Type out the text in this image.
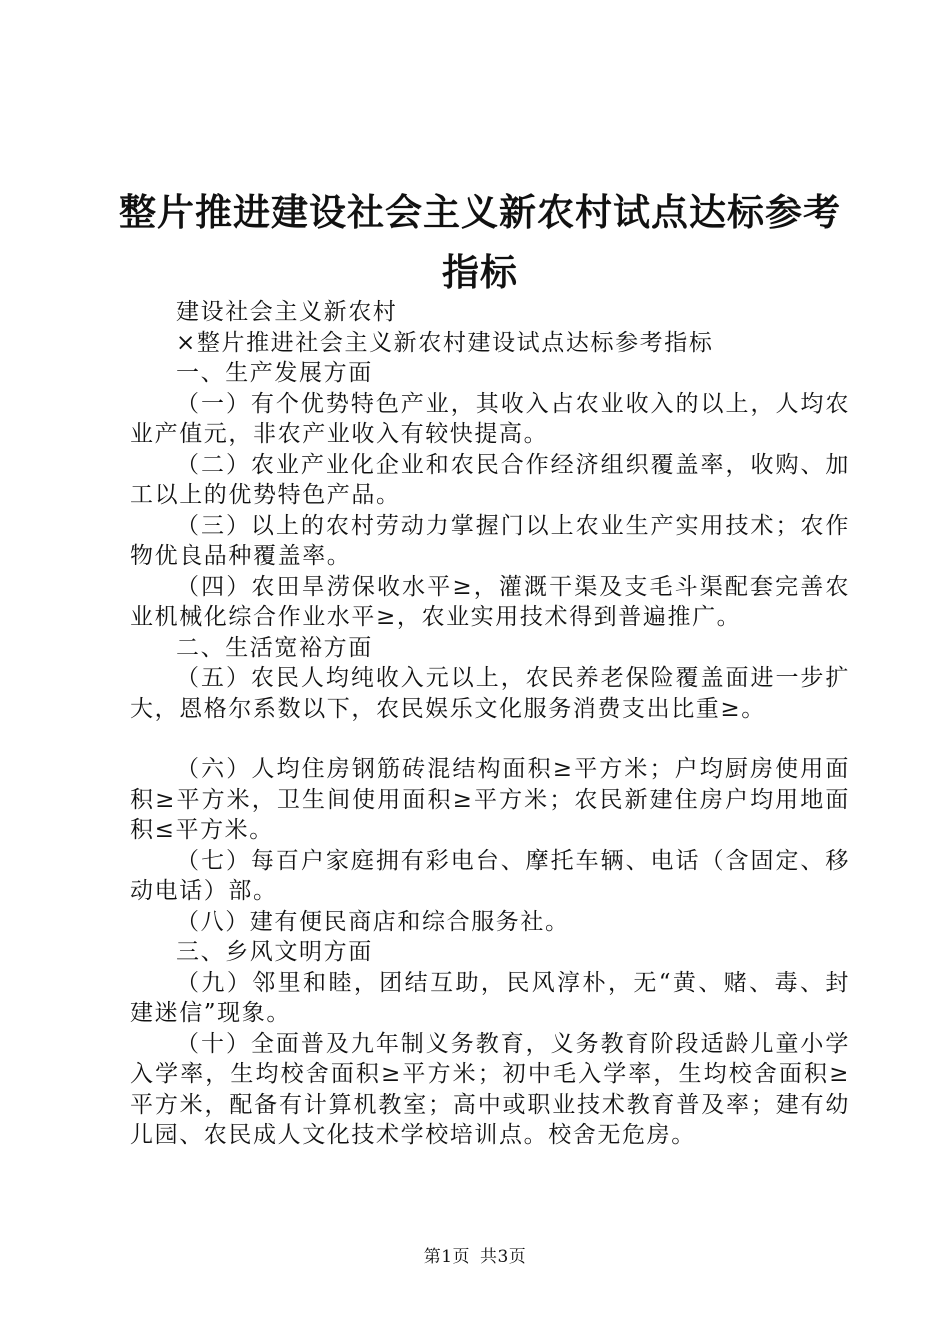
整片推进建设社会主义新农村试点达标参考指标

建设社会主义新农村

×整片推进社会主义新农村建设试点达标参考指标

一、生产发展方面

（一）有个优势特色产业，其收入占农业收入的以上，人均农业产值元，非农产业收入有较快提高。

（二）农业产业化企业和农民合作经济组织覆盖率，收购、加工以上的优势特色产品。

（三）以上的农村劳动力掌握门以上农业生产实用技术；农作物优良品种覆盖率。

（四）农田旱涝保收水平≥，灌溉干渠及支毛斗渠配套完善农业机械化综合作业水平≥，农业实用技术得到普遍推广。

二、生活宽裕方面

（五）农民人均纯收入元以上，农民养老保险覆盖面进一步扩大，恩格尔系数以下，农民娱乐文化服务消费支出比重≥。

（六）人均住房钢筋砖混结构面积≥平方米；户均厨房使用面积≥平方米，卫生间使用面积≥平方米；农民新建住房户均用地面积≤平方米。

（七）每百户家庭拥有彩电台、摩托车辆、电话（含固定、移动电话）部。

（八）建有便民商店和综合服务社。

三、乡风文明方面

（九）邻里和睦，团结互助，民风淳朴，无“黄、赌、毒、封建迷信”现象。

（十）全面普及九年制义务教育，义务教育阶段适龄儿童小学入学率，生均校舍面积≥平方米；初中毛入学率，生均校舍面积≥平方米，配备有计算机教室；高中或职业技术教育普及率；建有幼儿园、农民成人文化技术学校培训点。校舍无危房。

第1页 共3页
